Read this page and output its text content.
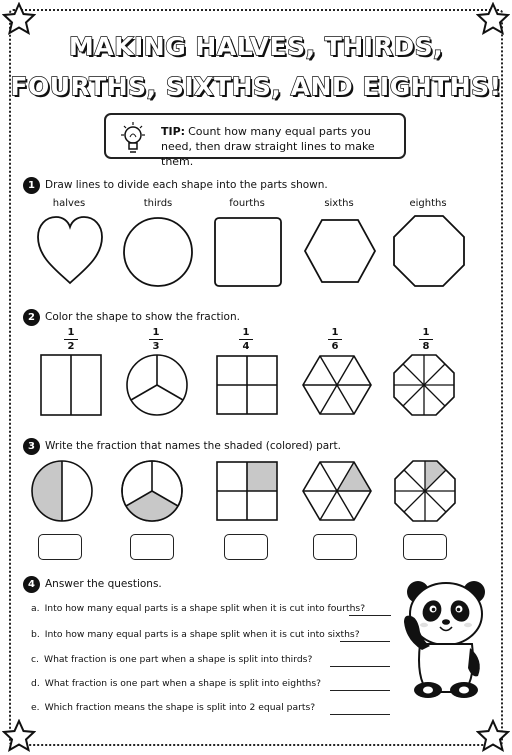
MAKING HALVES, THIRDS,
FOURTHS, SIXTHS, AND EIGHTHS!
TIP: Count how many equal parts you need, then draw straight lines to make them.
1 Draw lines to divide each shape into the parts shown.
halves	thirds	fourths	sixths	eighths
2 Color the shape to show the fraction.
1
2
1
3
1
4
1
6
1
8
3 Write the fraction that names the shaded (colored) part.
4 Answer the questions.
a. Into how many equal parts is a shape split when it is cut into fourths?
b. Into how many equal parts is a shape split when it is cut into sixths?
c. What fraction is one part when a shape is split into thirds?
d. What fraction is one part when a shape is split into eighths?
e. Which fraction means the shape is split into 2 equal parts?
